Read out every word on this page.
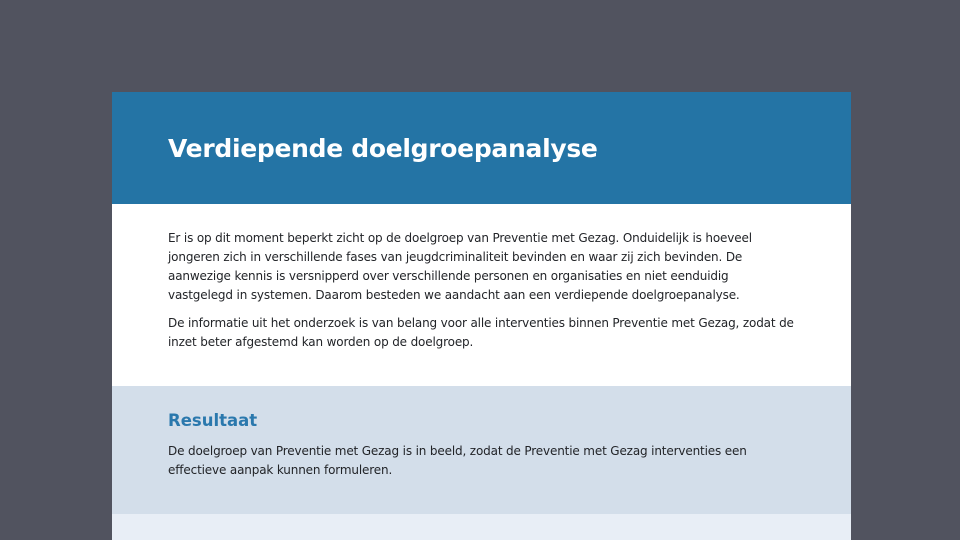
Verdiepende doelgroepanalyse

Er is op dit moment beperkt zicht op de doelgroep van Preventie met Gezag. Onduidelijk is hoeveel jongeren zich in verschillende fases van jeugdcriminaliteit bevinden en waar zij zich bevinden. De aanwezige kennis is versnipperd over verschillende personen en organisaties en niet eenduidig vastgelegd in systemen. Daarom besteden we aandacht aan een verdiepende doelgroepanalyse.

De informatie uit het onderzoek is van belang voor alle interventies binnen Preventie met Gezag, zodat de inzet beter afgestemd kan worden op de doelgroep.

Resultaat

De doelgroep van Preventie met Gezag is in beeld, zodat de Preventie met Gezag interventies een effectieve aanpak kunnen formuleren.
